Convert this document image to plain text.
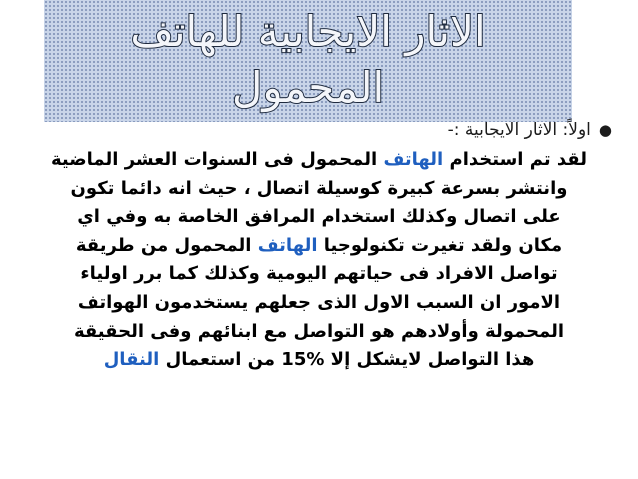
الاثار الايجابية للهاتف
المحمول
●اولاً: الاثار الايجابية :-

لقد تم استخدام الهاتف المحمول فى السنوات العشر الماضية
وانتشر بسرعة كبيرة كوسيلة اتصال ، حيث انه دائما تكون
على اتصال وكذلك استخدام المرافق الخاصة به وفي اي
مكان ولقد تغيرت تكنولوجيا الهاتف المحمول من طريقة
تواصل الافراد فى حياتهم اليومية وكذلك كما برر اولياء
الامور ان السبب الاول الذى جعلهم يستخدمون الهواتف
المحمولة وأولادهم هو التواصل مع ابنائهم وفى الحقيقة
هذا التواصل لايشكل إلا 15% من استعمال النقال
